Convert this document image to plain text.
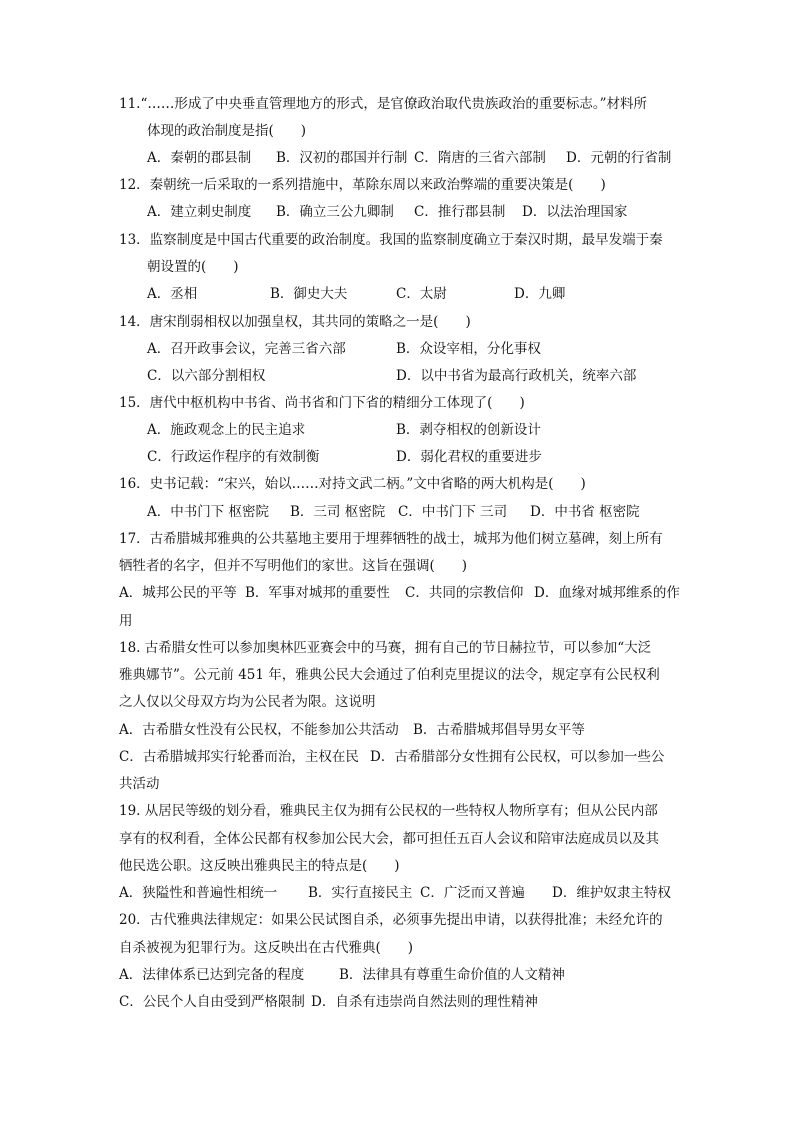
11.“……形成了中央垂直管理地方的形式，是官僚政治取代贵族政治的重要标志。”材料所
体现的政治制度是指(　　)
A．秦朝的郡县制 B．汉初的郡国并行制 C．隋唐的三省六部制 D．元朝的行省制
12．秦朝统一后采取的一系列措施中，革除东周以来政治弊端的重要决策是(　　)
A．建立刺史制度 B．确立三公九卿制 C．推行郡县制 D．以法治理国家
13．监察制度是中国古代重要的政治制度。我国的监察制度确立于秦汉时期，最早发端于秦
朝设置的(　　)
A．丞相	B．御史大夫	C．太尉	D．九卿
14．唐宋削弱相权以加强皇权，其共同的策略之一是(　　)
A．召开政事会议，完善三省六部	B．众设宰相，分化事权
C．以六部分割相权	D．以中书省为最高行政机关，统率六部
15．唐代中枢机构中书省、尚书省和门下省的精细分工体现了(　　)
A．施政观念上的民主追求	B．剥夺相权的创新设计
C．行政运作程序的有效制衡	D．弱化君权的重要进步
16．史书记载：“宋兴，始以……对持文武二柄。”文中省略的两大机构是(　　)
A．中书门下 枢密院 B．三司 枢密院 C．中书门下 三司 D．中书省 枢密院
17．古希腊城邦雅典的公共墓地主要用于埋葬牺牲的战士，城邦为他们树立墓碑，刻上所有
牺牲者的名字，但并不写明他们的家世。这旨在强调(　　)
A．城邦公民的平等 B．军事对城邦的重要性 C．共同的宗教信仰 D．血缘对城邦维系的作
用
18. 古希腊女性可以参加奥林匹亚赛会中的马赛，拥有自己的节日赫拉节，可以参加“大泛
雅典娜节”。公元前 451 年，雅典公民大会通过了伯利克里提议的法令，规定享有公民权利
之人仅以父母双方均为公民者为限。这说明
A．古希腊女性没有公民权，不能参加公共活动 B．古希腊城邦倡导男女平等
C．古希腊城邦实行轮番而治，主权在民 D．古希腊部分女性拥有公民权，可以参加一些公
共活动
19. 从居民等级的划分看，雅典民主仅为拥有公民权的一些特权人物所享有；但从公民内部
享有的权利看，全体公民都有权参加公民大会，都可担任五百人会议和陪审法庭成员以及其
他民选公职。这反映出雅典民主的特点是(　　)
A．狭隘性和普遍性相统一 B．实行直接民主 C．广泛而又普遍 D．维护奴隶主特权
20．古代雅典法律规定：如果公民试图自杀，必须事先提出申请，以获得批准；未经允许的
自杀被视为犯罪行为。这反映出在古代雅典(　　)
A．法律体系已达到完备的程度	B．法律具有尊重生命价值的人文精神
C．公民个人自由受到严格限制 D．自杀有违崇尚自然法则的理性精神
